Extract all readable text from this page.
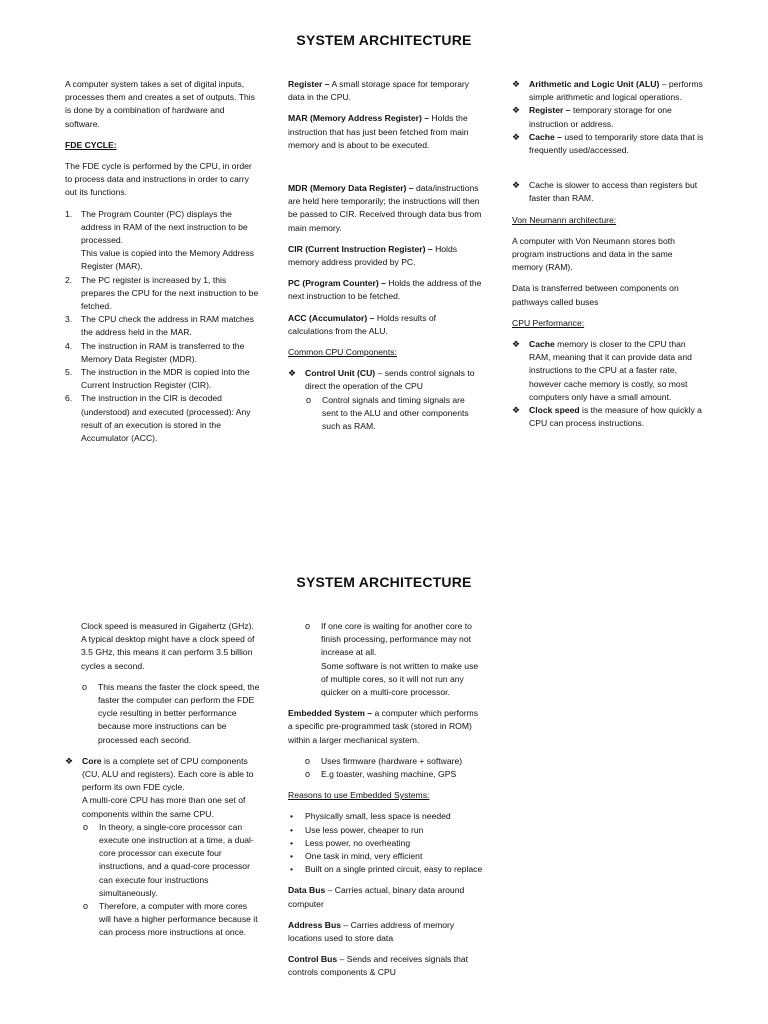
SYSTEM ARCHITECTURE

A computer system takes a set of digital inputs, processes them and creates a set of outputs. This is done by a combination of hardware and software.

FDE CYCLE:

The FDE cycle is performed by the CPU, in order to process data and instructions in order to carry out its functions.

1. The Program Counter (PC) displays the address in RAM of the next instruction to be processed.
This value is copied into the Memory Address Register (MAR).
2. The PC register is increased by 1, this prepares the CPU for the next instruction to be fetched.
3. The CPU check the address in RAM matches the address held in the MAR.
4. The instruction in RAM is transferred to the Memory Data Register (MDR).
5. The instruction in the MDR is copied into the Current Instruction Register (CIR).
6. The instruction in the CIR is decoded (understood) and executed (processed): Any result of an execution is stored in the Accumulator (ACC).

Register – A small storage space for temporary data in the CPU.

MAR (Memory Address Register) – Holds the instruction that has just been fetched from main memory and is about to be executed.

MDR (Memory Data Register) – data/instructions are held here temporarily; the instructions will then be passed to CIR. Received through data bus from main memory.

CIR (Current Instruction Register) – Holds memory address provided by PC.

PC (Program Counter) – Holds the address of the next instruction to be fetched.

ACC (Accumulator) – Holds results of calculations from the ALU.

Common CPU Components:

❖ Control Unit (CU) – sends control signals to direct the operation of the CPU
o Control signals and timing signals are sent to the ALU and other components such as RAM.
❖ Arithmetic and Logic Unit (ALU) – performs simple arithmetic and logical operations.
❖ Register – temporary storage for one instruction or address.
❖ Cache – used to temporarily store data that is frequently used/accessed.
❖ Cache is slower to access than registers but faster than RAM.

Von Neumann architecture:

A computer with Von Neumann stores both program instructions and data in the same memory (RAM).

Data is transferred between components on pathways called buses

CPU Performance:

❖ Cache memory is closer to the CPU than RAM, meaning that it can provide data and instructions to the CPU at a faster rate, however cache memory is costly, so most computers only have a small amount.
❖ Clock speed is the measure of how quickly a CPU can process instructions.
SYSTEM ARCHITECTURE

Clock speed is measured in Gigahertz (GHz). A typical desktop might have a clock speed of 3.5 GHz, this means it can perform 3.5 billion cycles a second.

o This means the faster the clock speed, the faster the computer can perform the FDE cycle resulting in better performance because more instructions can be processed each second.
❖ Core is a complete set of CPU components (CU, ALU and registers). Each core is able to perform its own FDE cycle.
A multi-core CPU has more than one set of components within the same CPU.
o In theory, a single-core processor can execute one instruction at a time, a dual-core processor can execute four instructions, and a quad-core processor can execute four instructions simultaneously.
o Therefore, a computer with more cores will have a higher performance because it can process more instructions at once.
o If one core is waiting for another core to finish processing, performance may not increase at all.
Some software is not written to make use of multiple cores, so it will not run any quicker on a multi-core processor.

Embedded System – a computer which performs a specific pre-programmed task (stored in ROM) within a larger mechanical system.

o Uses firmware (hardware + software)
o E.g toaster, washing machine, GPS

Reasons to use Embedded Systems:

• Physically small, less space is needed
• Use less power, cheaper to run
• Less power, no overheating
• One task in mind, very efficient
• Built on a single printed circuit, easy to replace

Data Bus – Carries actual, binary data around computer

Address Bus – Carries address of memory locations used to store data

Control Bus – Sends and receives signals that controls components & CPU
